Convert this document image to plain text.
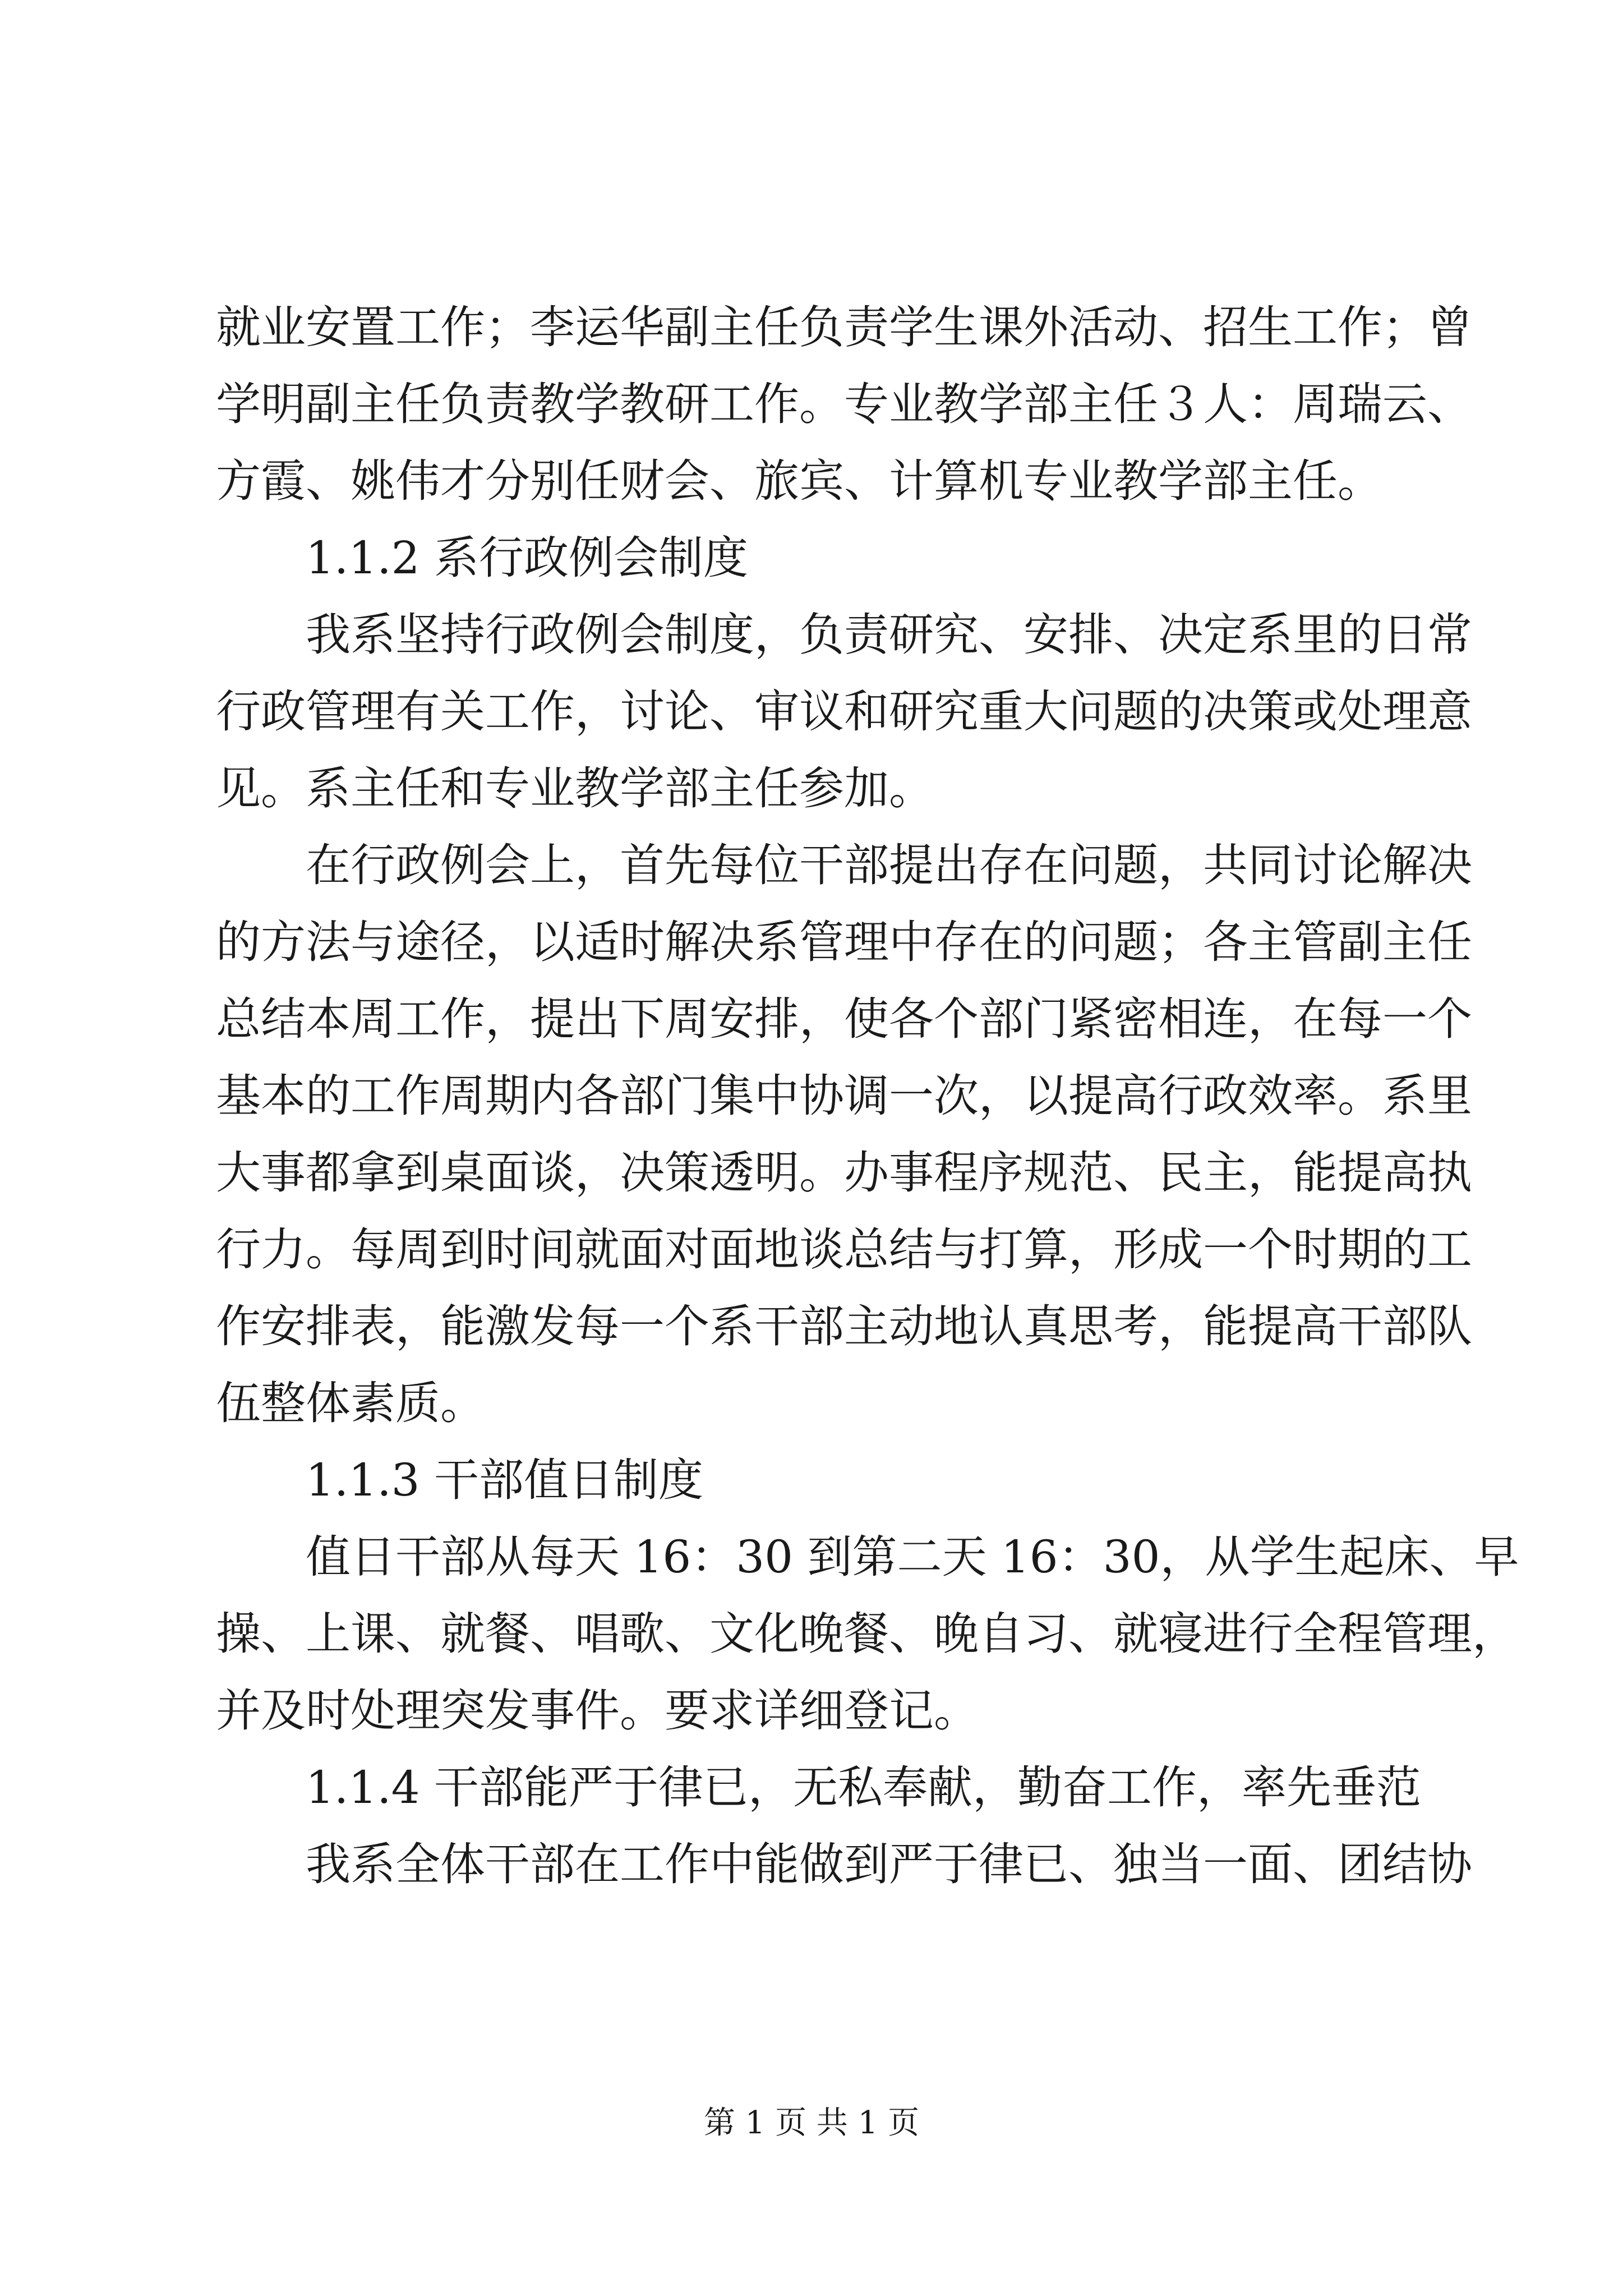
就业安置工作；李运华副主任负责学生课外活动、招生工作；曾
学明副主任负责教学教研工作。专业教学部主任３人：周瑞云、
方霞、姚伟才分别任财会、旅宾、计算机专业教学部主任。
1.1.2 系行政例会制度
我系坚持行政例会制度，负责研究、安排、决定系里的日常
行政管理有关工作，讨论、审议和研究重大问题的决策或处理意
见。系主任和专业教学部主任参加。
在行政例会上，首先每位干部提出存在问题，共同讨论解决
的方法与途径，以适时解决系管理中存在的问题；各主管副主任
总结本周工作，提出下周安排，使各个部门紧密相连，在每一个
基本的工作周期内各部门集中协调一次，以提高行政效率。系里
大事都拿到桌面谈，决策透明。办事程序规范、民主，能提高执
行力。每周到时间就面对面地谈总结与打算，形成一个时期的工
作安排表，能激发每一个系干部主动地认真思考，能提高干部队
伍整体素质。
1.1.3 干部值日制度
值日干部从每天 16：30 到第二天 16：30，从学生起床、早
操、上课、就餐、唱歌、文化晚餐、晚自习、就寝进行全程管理，
并及时处理突发事件。要求详细登记。
1.1.4 干部能严于律已，无私奉献，勤奋工作，率先垂范
我系全体干部在工作中能做到严于律已、独当一面、团结协
第 1 页 共 1 页
